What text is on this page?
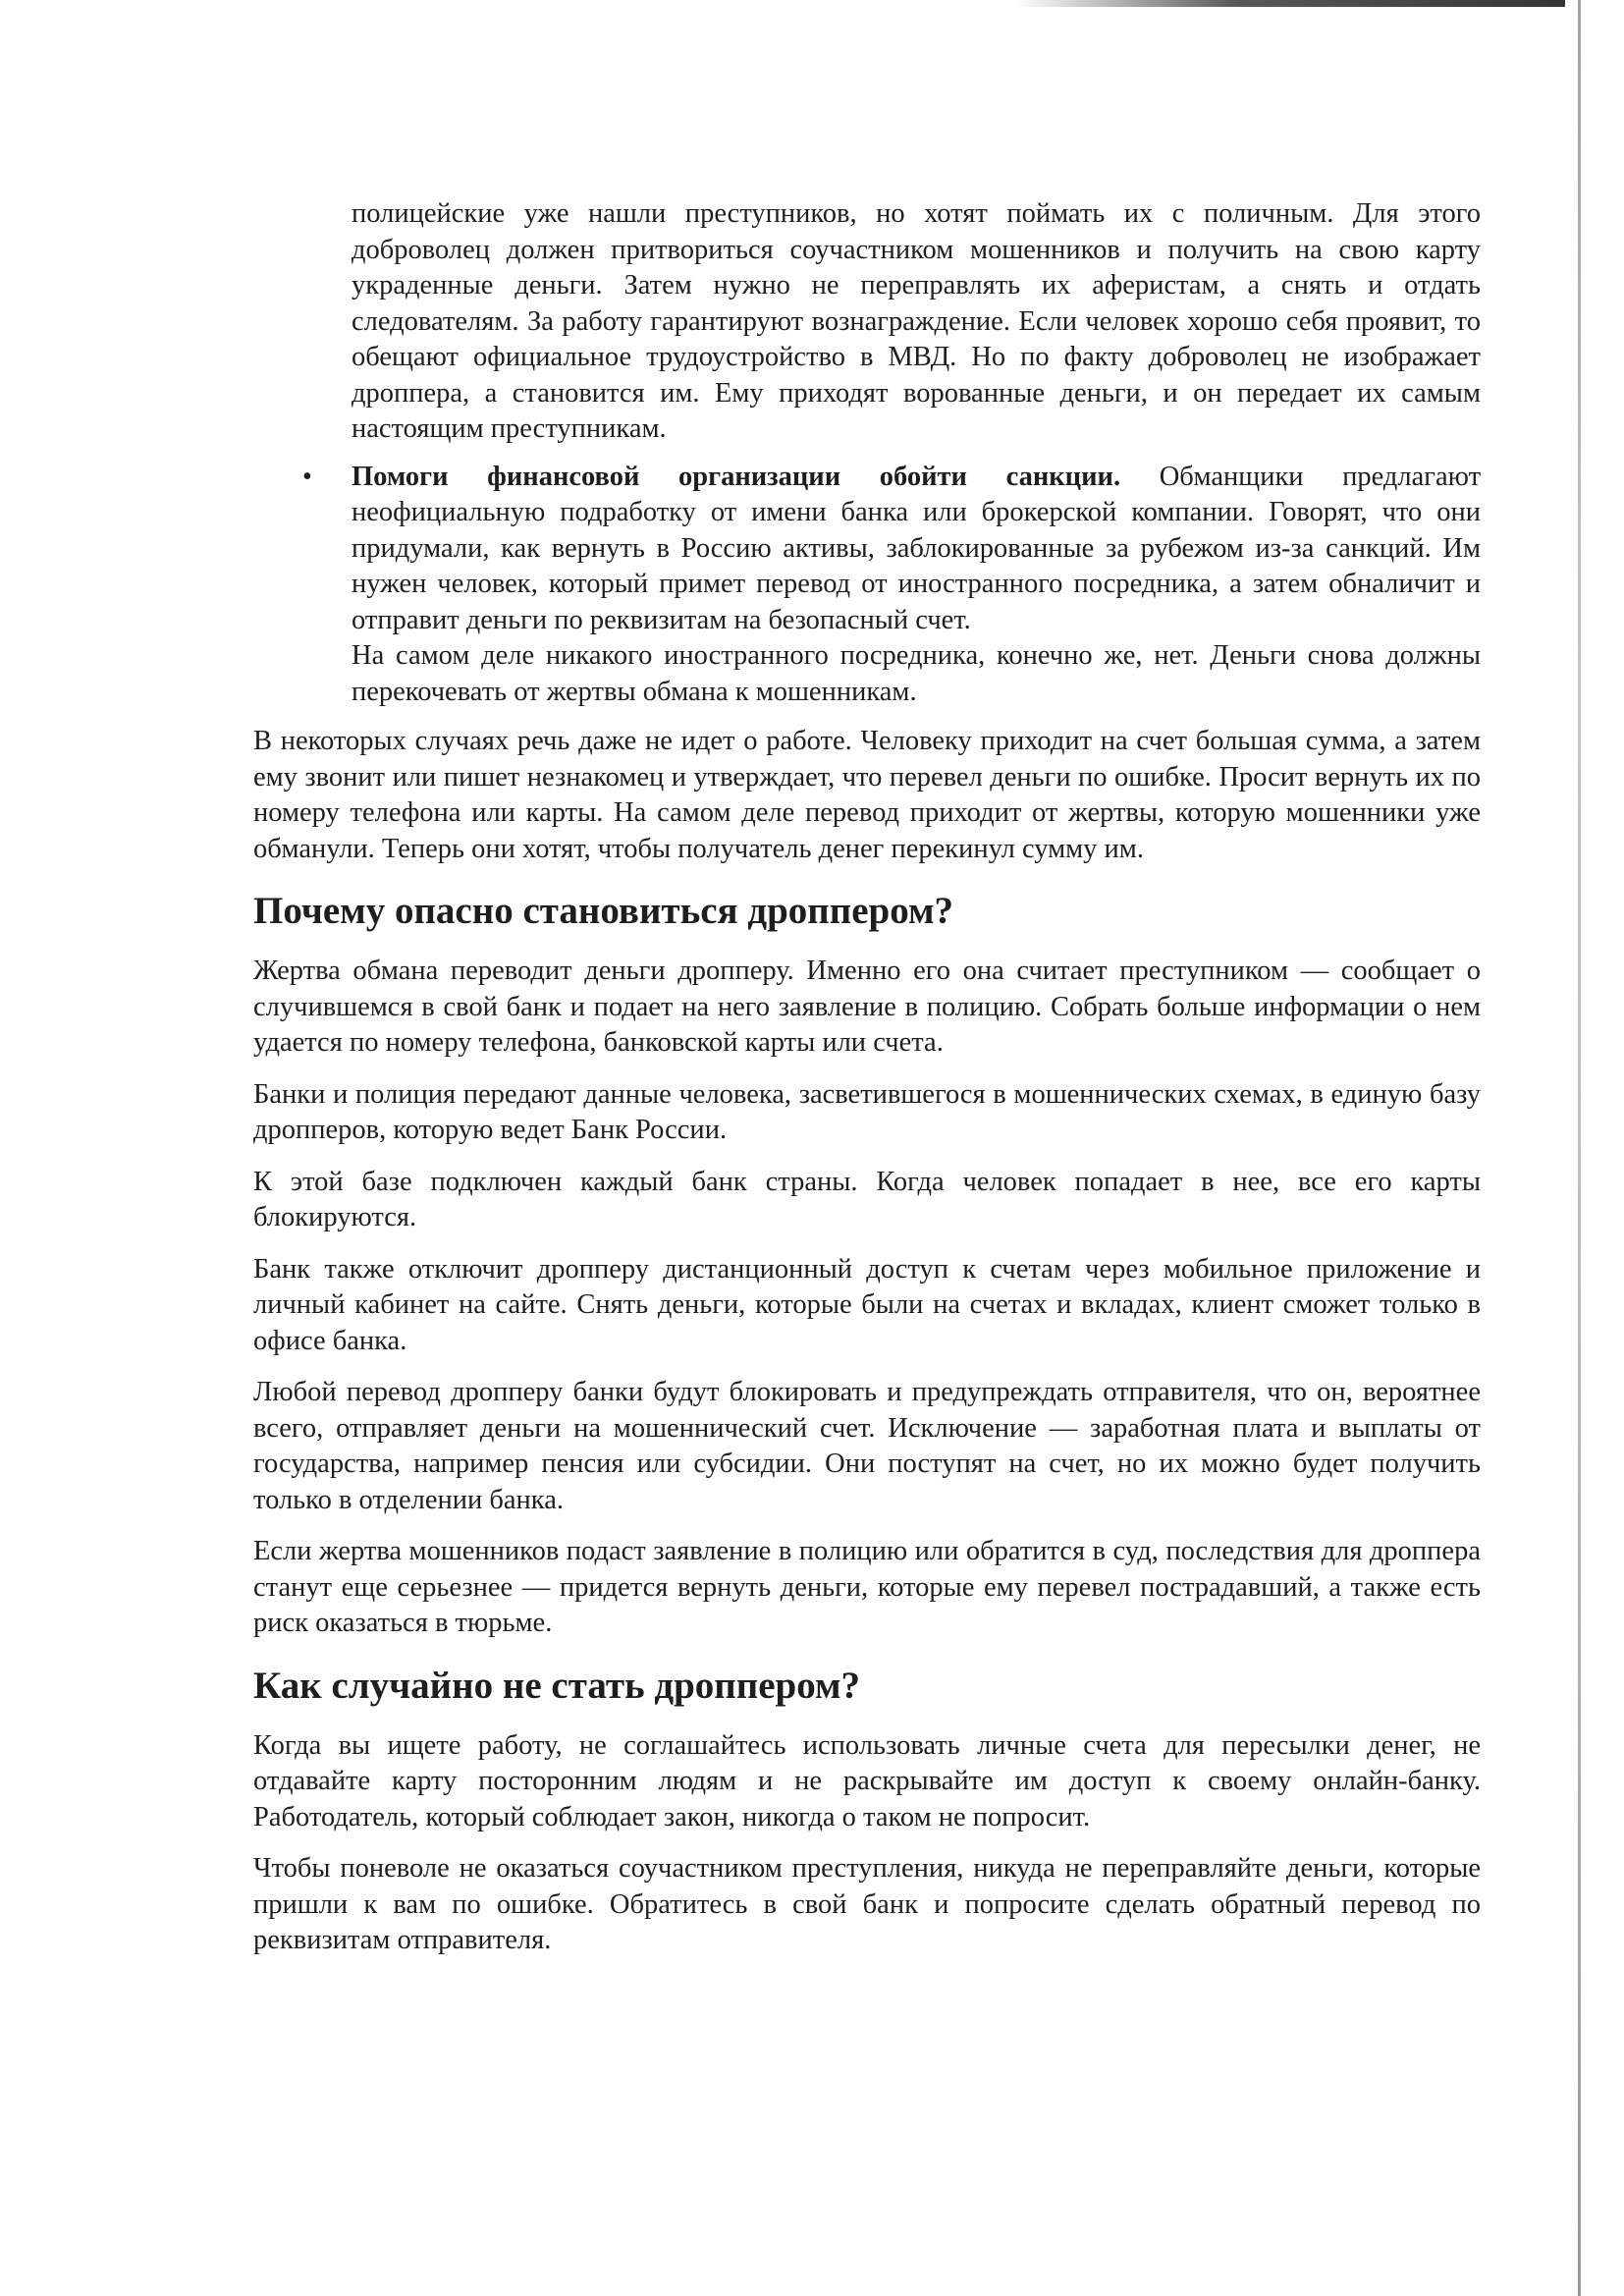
полицейские уже нашли преступников, но хотят поймать их с поличным. Для этого доброволец должен притвориться соучастником мошенников и получить на свою карту украденные деньги. Затем нужно не переправлять их аферистам, а снять и отдать следователям. За работу гарантируют вознаграждение. Если человек хорошо себя проявит, то обещают официальное трудоустройство в МВД. Но по факту доброволец не изображает дроппера, а становится им. Ему приходят ворованные деньги, и он передает их самым настоящим преступникам.

• Помоги финансовой организации обойти санкции. Обманщики предлагают неофициальную подработку от имени банка или брокерской компании. Говорят, что они придумали, как вернуть в Россию активы, заблокированные за рубежом из-за санкций. Им нужен человек, который примет перевод от иностранного посредника, а затем обналичит и отправит деньги по реквизитам на безопасный счет.

На самом деле никакого иностранного посредника, конечно же, нет. Деньги снова должны перекочевать от жертвы обмана к мошенникам.

В некоторых случаях речь даже не идет о работе. Человеку приходит на счет большая сумма, а затем ему звонит или пишет незнакомец и утверждает, что перевел деньги по ошибке. Просит вернуть их по номеру телефона или карты. На самом деле перевод приходит от жертвы, которую мошенники уже обманули. Теперь они хотят, чтобы получатель денег перекинул сумму им.

Почему опасно становиться дроппером?

Жертва обмана переводит деньги дропперу. Именно его она считает преступником — сообщает о случившемся в свой банк и подает на него заявление в полицию. Собрать больше информации о нем удается по номеру телефона, банковской карты или счета.

Банки и полиция передают данные человека, засветившегося в мошеннических схемах, в единую базу дропперов, которую ведет Банк России.

К этой базе подключен каждый банк страны. Когда человек попадает в нее, все его карты блокируются.

Банк также отключит дропперу дистанционный доступ к счетам через мобильное приложение и личный кабинет на сайте. Снять деньги, которые были на счетах и вкладах, клиент сможет только в офисе банка.

Любой перевод дропперу банки будут блокировать и предупреждать отправителя, что он, вероятнее всего, отправляет деньги на мошеннический счет. Исключение — заработная плата и выплаты от государства, например пенсия или субсидии. Они поступят на счет, но их можно будет получить только в отделении банка.

Если жертва мошенников подаст заявление в полицию или обратится в суд, последствия для дроппера станут еще серьезнее — придется вернуть деньги, которые ему перевел пострадавший, а также есть риск оказаться в тюрьме.

Как случайно не стать дроппером?

Когда вы ищете работу, не соглашайтесь использовать личные счета для пересылки денег, не отдавайте карту посторонним людям и не раскрывайте им доступ к своему онлайн-банку. Работодатель, который соблюдает закон, никогда о таком не попросит.

Чтобы поневоле не оказаться соучастником преступления, никуда не переправляйте деньги, которые пришли к вам по ошибке. Обратитесь в свой банк и попросите сделать обратный перевод по реквизитам отправителя.
